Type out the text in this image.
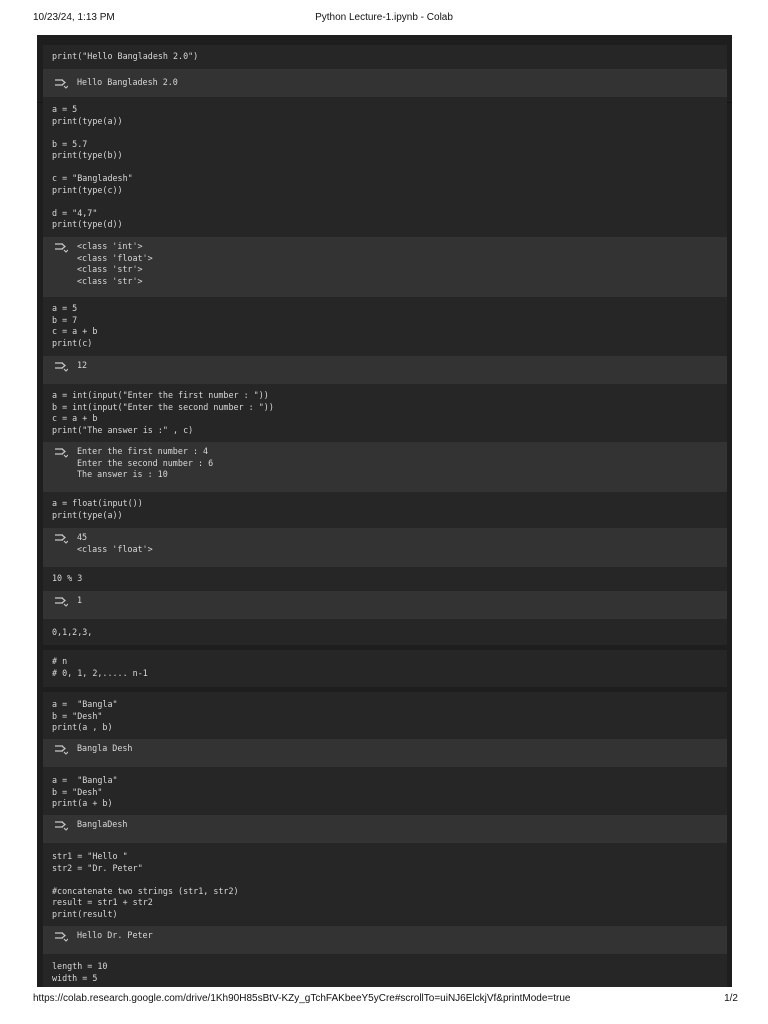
10/23/24, 1:13 PM	Python Lecture-1.ipynb - Colab
print("Hello Bangladesh 2.0")
Hello Bangladesh 2.0
a = 5
print(type(a))

b = 5.7
print(type(b))

c = "Bangladesh"
print(type(c))

d = "4,7"
print(type(d))
<class 'int'>
<class 'float'>
<class 'str'>
<class 'str'>
a = 5
b = 7
c = a + b
print(c)
12
a = int(input("Enter the first number : "))
b = int(input("Enter the second number : "))
c = a + b
print("The answer is :" , c)
Enter the first number : 4
Enter the second number : 6
The answer is : 10
a = float(input())
print(type(a))
45
<class 'float'>
10 % 3
1
0,1,2,3,
# n
# 0, 1, 2,..... n-1
a =  "Bangla"
b = "Desh"
print(a , b)
Bangla Desh
a =  "Bangla"
b = "Desh"
print(a + b)
BanglaDesh
str1 = "Hello "
str2 = "Dr. Peter"

#concatenate two strings (str1, str2)
result = str1 + str2
print(result)
Hello Dr. Peter
length = 10
width = 5
https://colab.research.google.com/drive/1Kh90H85sBtV-KZy_gTchFAKbeeY5yCre#scrollTo=uiNJ6ElckjVf&printMode=true	1/2
